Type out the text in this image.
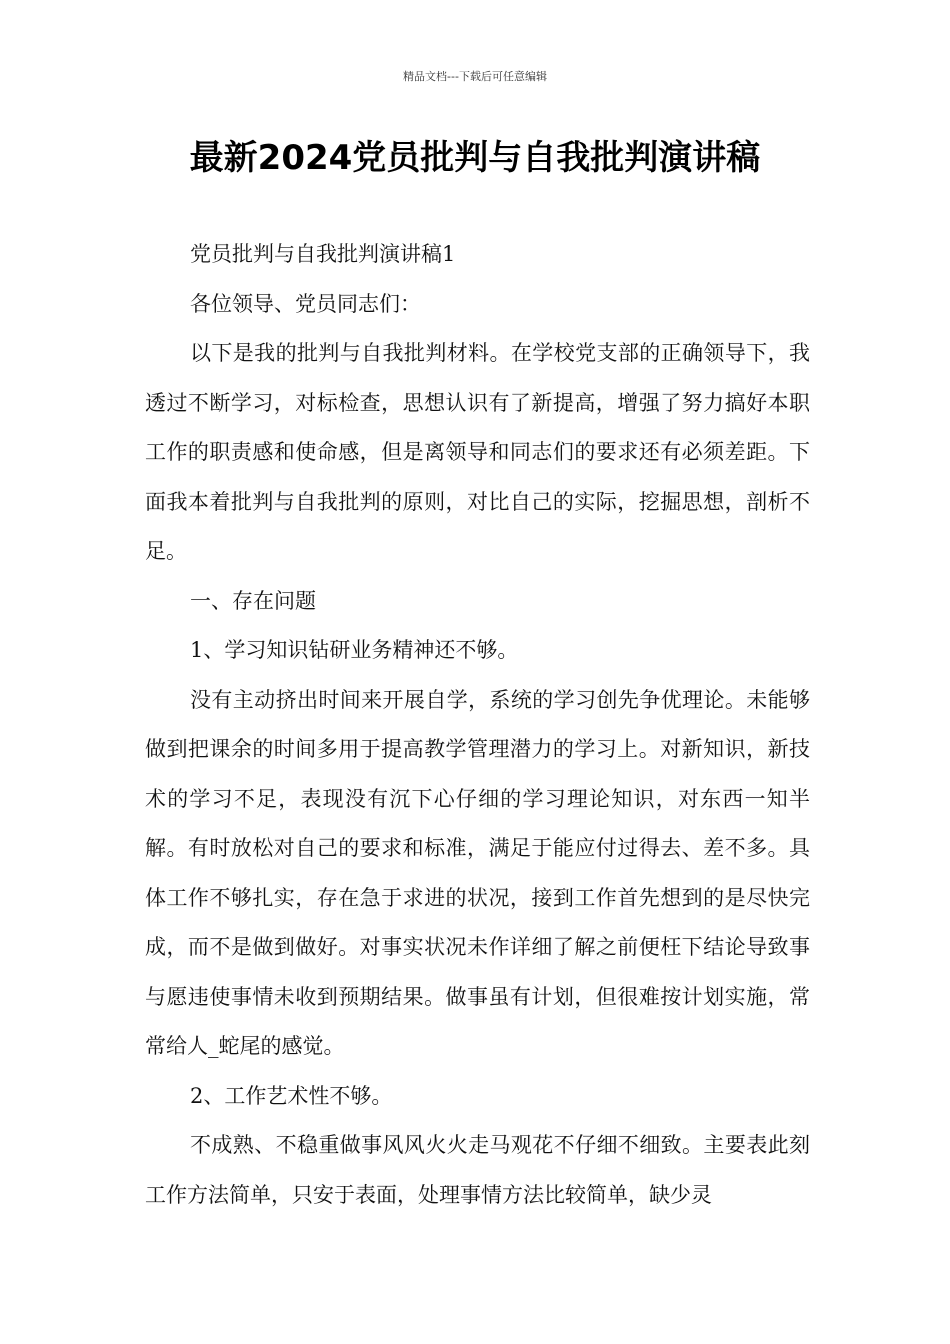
精品文档---下载后可任意编辑
最新2024党员批判与自我批判演讲稿

党员批判与自我批判演讲稿1

各位领导、党员同志们：

以下是我的批判与自我批判材料。在学校党支部的正确领导下，我透过不断学习，对标检查，思想认识有了新提高，增强了努力搞好本职工作的职责感和使命感，但是离领导和同志们的要求还有必须差距。下面我本着批判与自我批判的原则，对比自己的实际，挖掘思想，剖析不足。

一、存在问题

1、学习知识钻研业务精神还不够。

没有主动挤出时间来开展自学，系统的学习创先争优理论。未能够做到把课余的时间多用于提高教学管理潜力的学习上。对新知识，新技术的学习不足，表现没有沉下心仔细的学习理论知识，对东西一知半解。有时放松对自己的要求和标准，满足于能应付过得去、差不多。具体工作不够扎实，存在急于求进的状况，接到工作首先想到的是尽快完成，而不是做到做好。对事实状况未作详细了解之前便枉下结论导致事与愿违使事情未收到预期结果。做事虽有计划，但很难按计划实施，常常给人_蛇尾的感觉。

2、工作艺术性不够。

不成熟、不稳重做事风风火火走马观花不仔细不细致。主要表此刻工作方法简单，只安于表面，处理事情方法比较简单，缺少灵
